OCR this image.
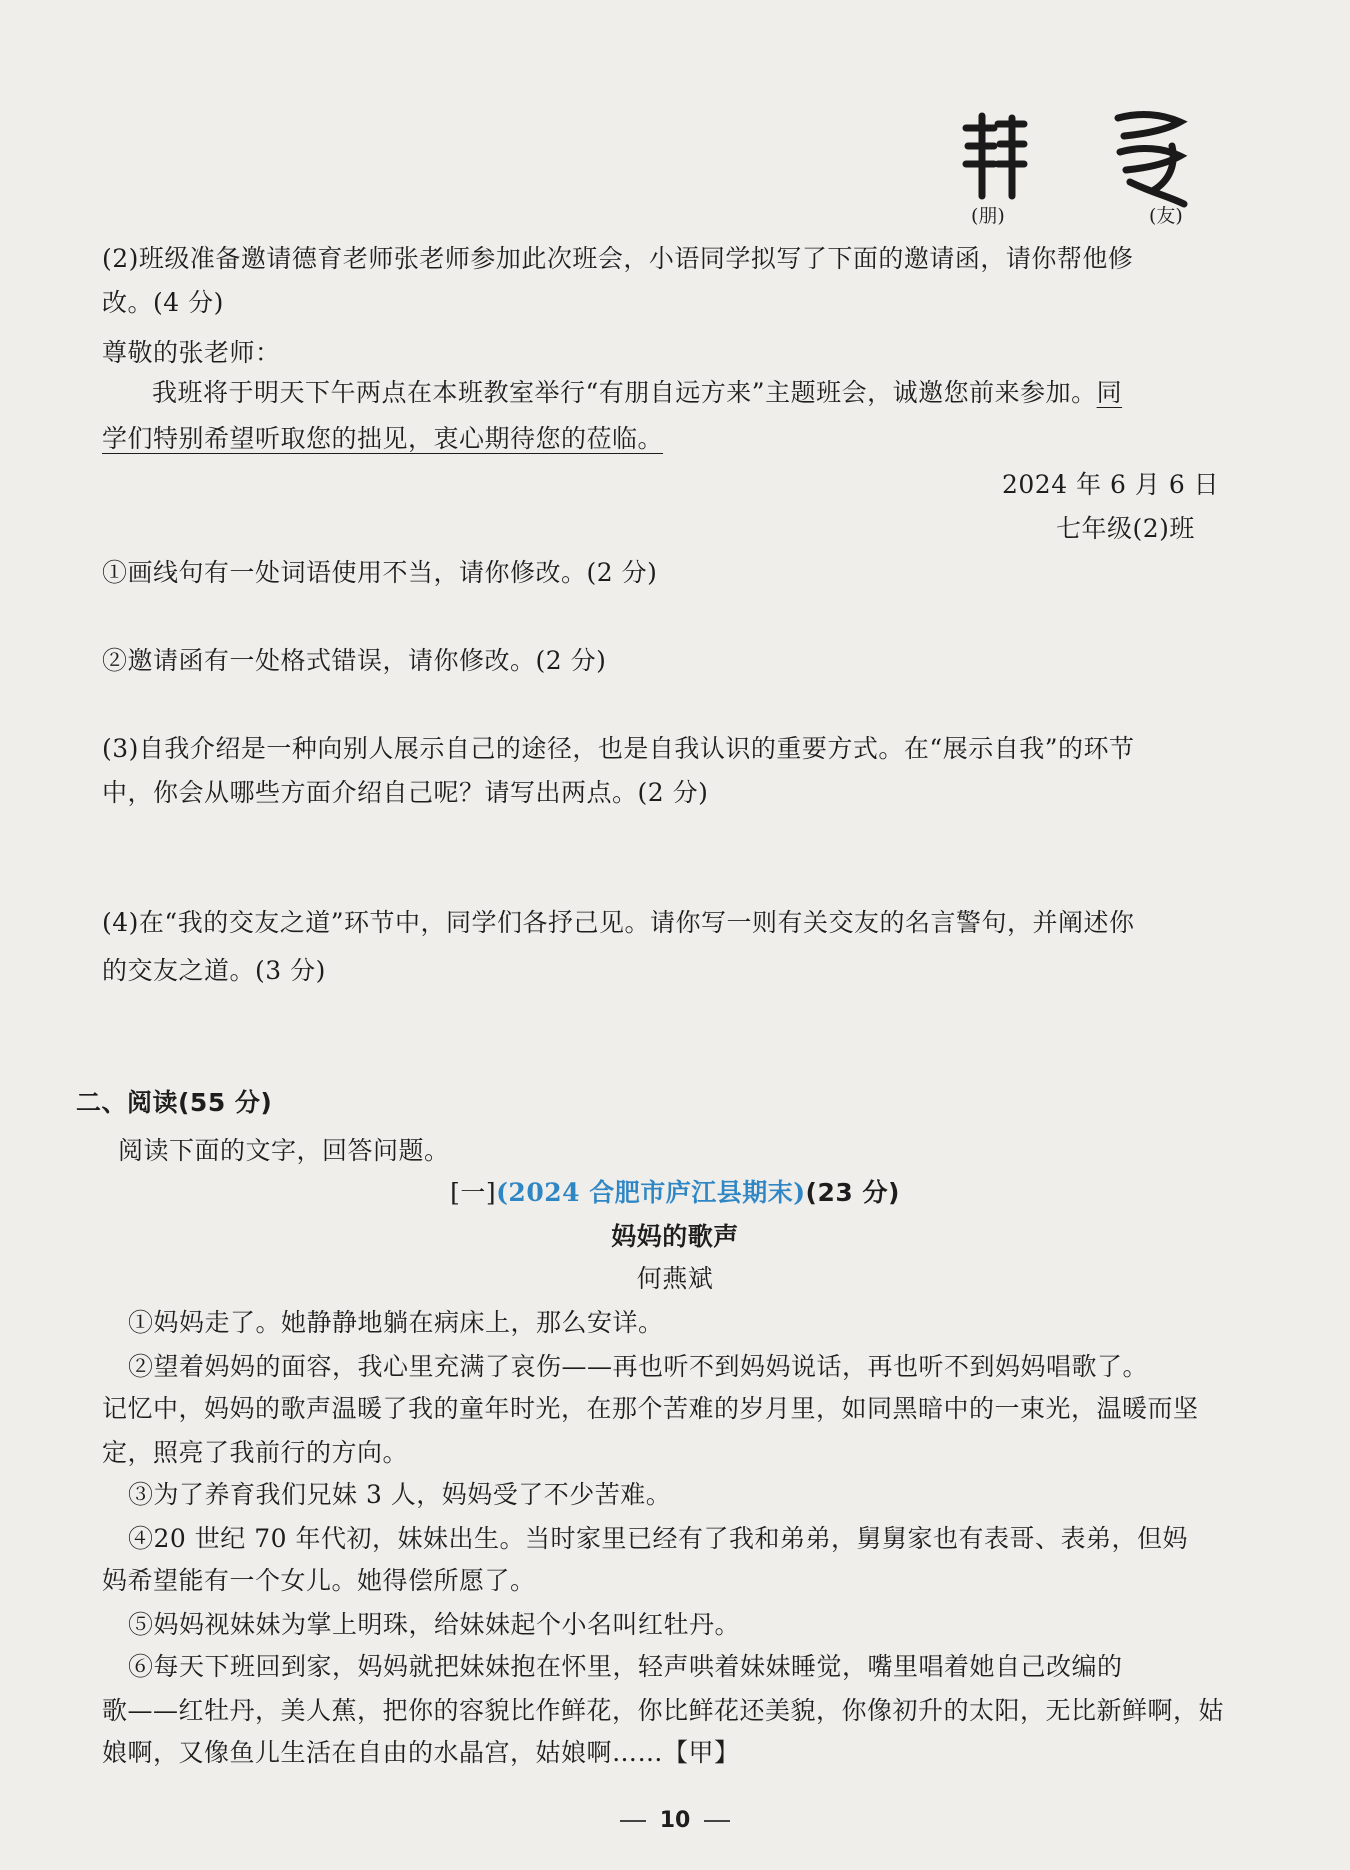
(朋)	(友)
(2)班级准备邀请德育老师张老师参加此次班会，小语同学拟写了下面的邀请函，请你帮他修
改。(4 分)
尊敬的张老师：
我班将于明天下午两点在本班教室举行“有朋自远方来”主题班会，诚邀您前来参加。同
学们特别希望听取您的拙见，衷心期待您的莅临。
2024 年 6 月 6 日
七年级(2)班
①画线句有一处词语使用不当，请你修改。(2 分)
②邀请函有一处格式错误，请你修改。(2 分)
(3)自我介绍是一种向别人展示自己的途径，也是自我认识的重要方式。在“展示自我”的环节
中，你会从哪些方面介绍自己呢？请写出两点。(2 分)
(4)在“我的交友之道”环节中，同学们各抒己见。请你写一则有关交友的名言警句，并阐述你
的交友之道。(3 分)
二、阅读(55 分)
阅读下面的文字，回答问题。
[一](2024 合肥市庐江县期末)(23 分)
妈妈的歌声
何燕斌
①妈妈走了。她静静地躺在病床上，那么安详。
②望着妈妈的面容，我心里充满了哀伤——再也听不到妈妈说话，再也听不到妈妈唱歌了。
记忆中，妈妈的歌声温暖了我的童年时光，在那个苦难的岁月里，如同黑暗中的一束光，温暖而坚
定，照亮了我前行的方向。
③为了养育我们兄妹 3 人，妈妈受了不少苦难。
④20 世纪 70 年代初，妹妹出生。当时家里已经有了我和弟弟，舅舅家也有表哥、表弟，但妈
妈希望能有一个女儿。她得偿所愿了。
⑤妈妈视妹妹为掌上明珠，给妹妹起个小名叫红牡丹。
⑥每天下班回到家，妈妈就把妹妹抱在怀里，轻声哄着妹妹睡觉，嘴里唱着她自己改编的
歌——红牡丹，美人蕉，把你的容貌比作鲜花，你比鲜花还美貌，你像初升的太阳，无比新鲜啊，姑
娘啊，又像鱼儿生活在自由的水晶宫，姑娘啊……【甲】
10
